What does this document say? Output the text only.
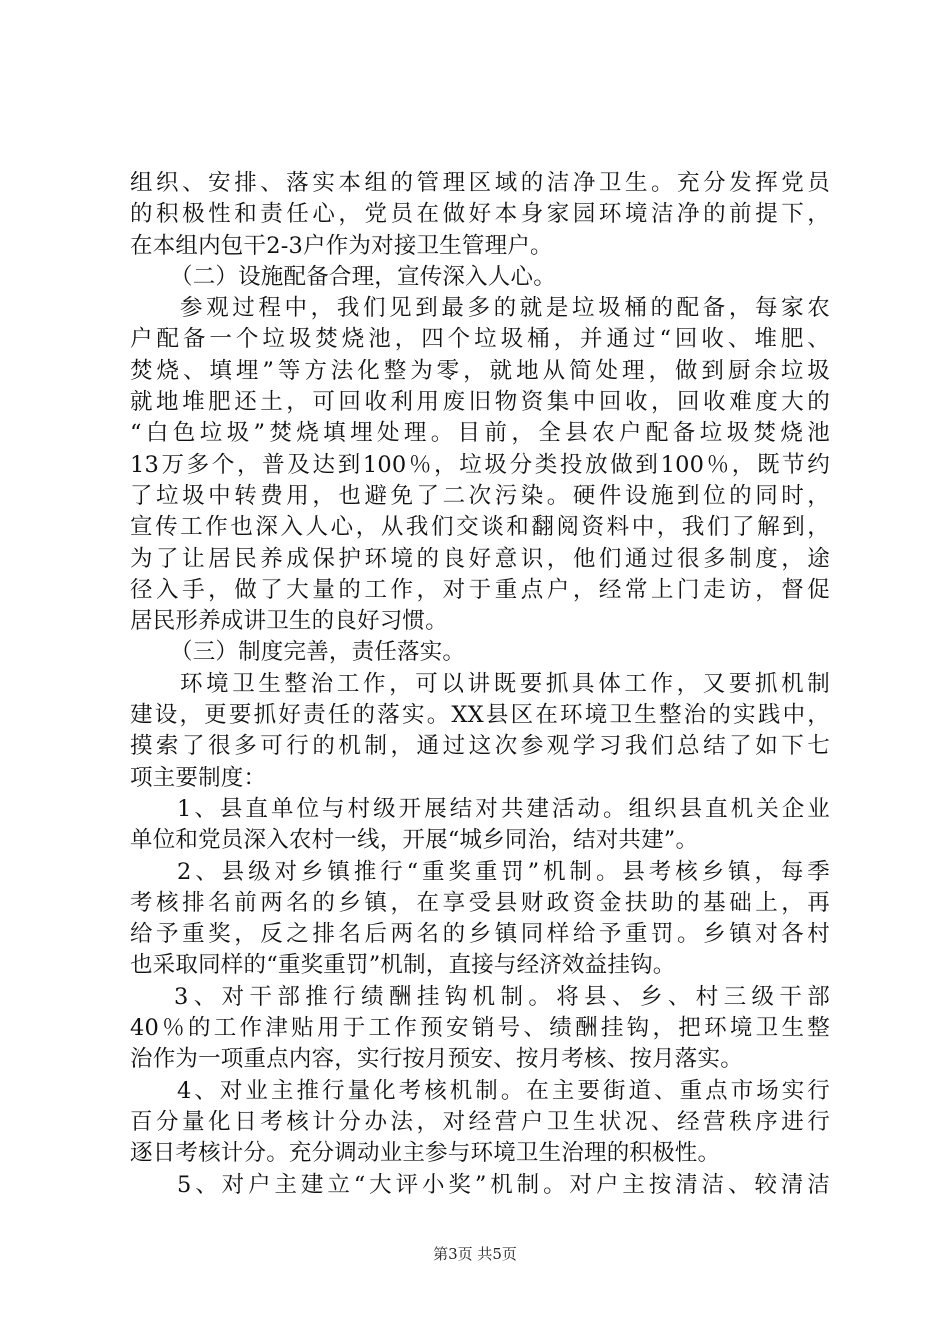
组织、安排、落实本组的管理区域的洁净卫生。充分发挥党员
的积极性和责任心，党员在做好本身家园环境洁净的前提下，
在本组内包干2-3户作为对接卫生管理户。
（二）设施配备合理，宣传深入人心。
参观过程中，我们见到最多的就是垃圾桶的配备，每家农
户配备一个垃圾焚烧池，四个垃圾桶，并通过“回收、堆肥、
焚烧、填埋”等方法化整为零，就地从简处理，做到厨余垃圾
就地堆肥还土，可回收利用废旧物资集中回收，回收难度大的
“白色垃圾”焚烧填埋处理。目前，全县农户配备垃圾焚烧池
13万多个，普及达到100％，垃圾分类投放做到100％，既节约
了垃圾中转费用，也避免了二次污染。硬件设施到位的同时，
宣传工作也深入人心，从我们交谈和翻阅资料中，我们了解到，
为了让居民养成保护环境的良好意识，他们通过很多制度，途
径入手，做了大量的工作，对于重点户，经常上门走访，督促
居民形养成讲卫生的良好习惯。
（三）制度完善，责任落实。
环境卫生整治工作，可以讲既要抓具体工作，又要抓机制
建设，更要抓好责任的落实。XX县区在环境卫生整治的实践中，
摸索了很多可行的机制，通过这次参观学习我们总结了如下七
项主要制度：
1、县直单位与村级开展结对共建活动。组织县直机关企业
单位和党员深入农村一线，开展“城乡同治，结对共建”。
2、县级对乡镇推行“重奖重罚”机制。县考核乡镇，每季
考核排名前两名的乡镇，在享受县财政资金扶助的基础上，再
给予重奖，反之排名后两名的乡镇同样给予重罚。乡镇对各村
也采取同样的“重奖重罚”机制，直接与经济效益挂钩。
3、对干部推行绩酬挂钩机制。将县、乡、村三级干部
40％的工作津贴用于工作预安销号、绩酬挂钩，把环境卫生整
治作为一项重点内容，实行按月预安、按月考核、按月落实。
4、对业主推行量化考核机制。在主要街道、重点市场实行
百分量化日考核计分办法，对经营户卫生状况、经营秩序进行
逐日考核计分。充分调动业主参与环境卫生治理的积极性。
5、对户主建立“大评小奖”机制。对户主按清洁、较清洁
第3页 共5页
